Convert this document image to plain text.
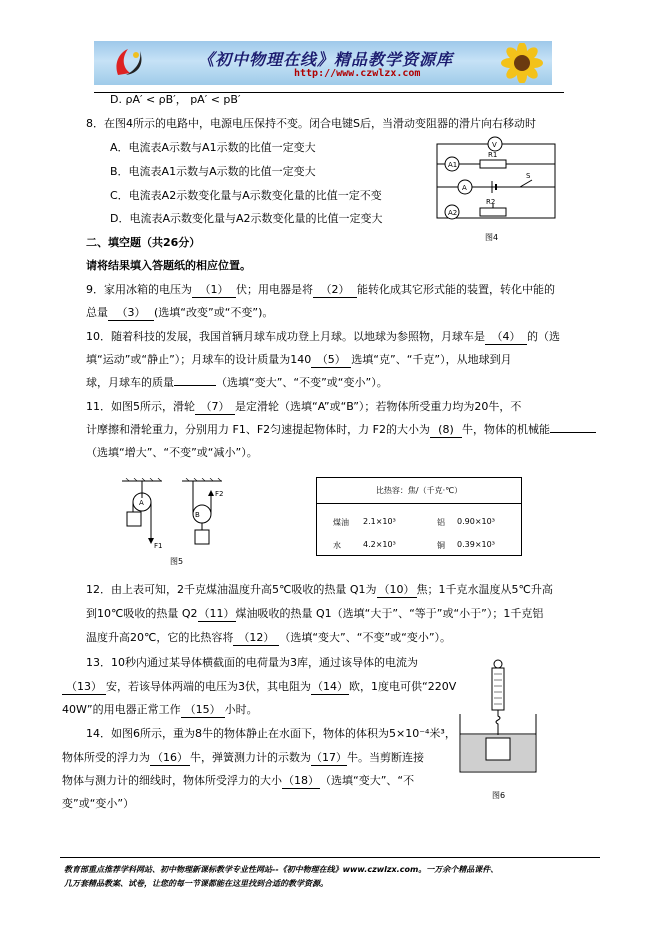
《初中物理在线》精品教学资源库
http://www.czwlzx.com
D. ρA′ < ρB′， pA′ < pB′
8．在图4所示的电路中，电源电压保持不变。闭合电键S后，当滑动变阻器的滑片向右移动时
A．电流表A示数与A1示数的比值一定变大
B．电流表A1示数与A示数的比值一定变大
C．电流表A2示数变化量与A示数变化量的比值一定不变
D．电流表A示数变化量与A2示数变化量的比值一定变大
V
A1
A
A2
R1
R2
S
图4
二、填空题（共26分）
请将结果填入答题纸的相应位置。
9．家用冰箱的电压为 （1） 伏；用电器是将 （2） 能转化成其它形式能的装置，转化中能的
总量 （3） (选填“改变”或“不变”)。
10．随着科技的发展，我国首辆月球车成功登上月球。以地球为参照物，月球车是 （4） 的（选
填“运动”或“静止”）；月球车的设计质量为140 （5） 选填“克”、“千克”），从地球到月
球，月球车的质量	（选填“变大”、“不变”或“变小”）。
11．如图5所示，滑轮 （7） 是定滑轮（选填“A”或“B”）；若物体所受重力均为20牛，不
计摩擦和滑轮重力，分别用力 F1、F2匀速提起物体时，力 F2的大小为 (8) 牛，物体的机械能
（选填“增大”、“不变”或“减小”）。
A
B
F1
F2
图5
比热容：焦/（千克·℃）
煤油 2.1×10³	铝 0.90×10³
水	4.2×10³	铜 0.39×10³
12．由上表可知，2千克煤油温度升高5℃吸收的热量 Q1为 （10） 焦；1千克水温度从5℃升高
到10℃吸收的热量 Q2（11）煤油吸收的热量 Q1（选填“大于”、“等于”或“小于”）；1千克铝
温度升高20℃，它的比热容将 （12） （选填“变大”、“不变”或“变小”）。
13．10秒内通过某导体横截面的电荷量为3库，通过该导体的电流为
（13） 安，若该导体两端的电压为3伏，其电阻为（14）欧，1度电可供“220V
40W”的用电器正常工作 （15） 小时。
14．如图6所示，重为8牛的物体静止在水面下，物体的体积为5×10⁻⁴米³，
物体所受的浮力为 （16） 牛，弹簧测力计的示数为（17）牛。当剪断连接
物体与测力计的细线时，物体所受浮力的大小（18）（选填“变大”、“不
变”或“变小”）
图6
教育部重点推荐学科网站、初中物理新课标教学专业性网站--《初中物理在线》www.czwlzx.com。一万余个精品课件、
几万套精品教案、试卷，让您的每一节课都能在这里找到合适的教学资源。
